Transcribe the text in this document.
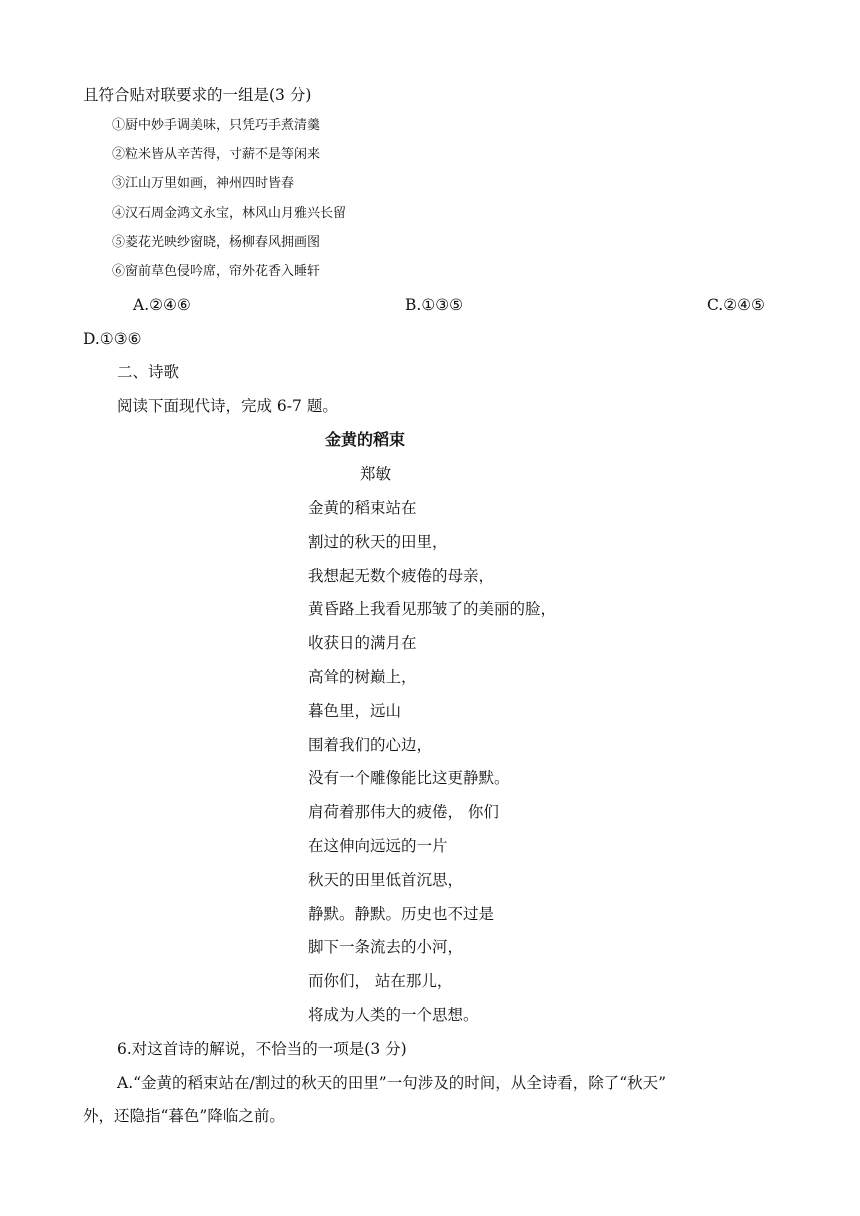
且符合贴对联要求的一组是(3 分)
①厨中妙手调美味，只凭巧手煮清羹
②粒米皆从辛苦得，寸薪不是等闲来
③江山万里如画，神州四时皆春
④汉石周金鸿文永宝，林风山月雅兴长留
⑤菱花光映纱窗晓，杨柳春风拥画图
⑥窗前草色侵吟席，帘外花香入睡轩
A.②④⑥	B.①③⑤	C.②④⑤
D.①③⑥
二、诗歌
阅读下面现代诗，完成 6-7 题。
金黄的稻束
郑敏
金黄的稻束站在
割过的秋天的田里，
我想起无数个疲倦的母亲，
黄昏路上我看见那皱了的美丽的脸，
收获日的满月在
高耸的树巅上，
暮色里，远山
围着我们的心边，
没有一个雕像能比这更静默。
肩荷着那伟大的疲倦， 你们
在这伸向远远的一片
秋天的田里低首沉思，
静默。静默。历史也不过是
脚下一条流去的小河，
而你们， 站在那儿，
将成为人类的一个思想。
6.对这首诗的解说，不恰当的一项是(3 分)
A.“金黄的稻束站在/割过的秋天的田里”一句涉及的时间，从全诗看，除了“秋天”
外，还隐指“暮色”降临之前。
